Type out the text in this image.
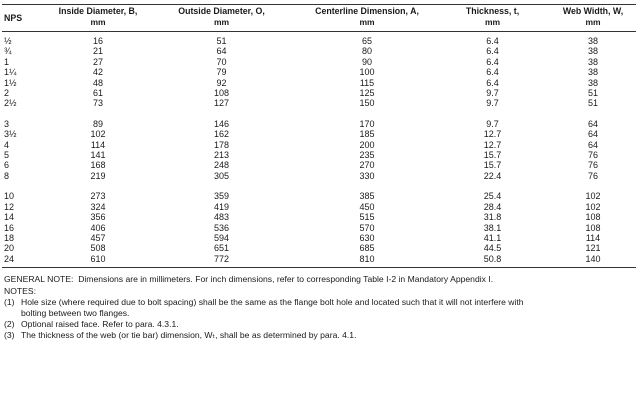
NPS	Inside Diameter, B,	Outside Diameter, O,	Centerline Dimension, A,	Thickness, t,	Web Width, W,
	mm	mm	mm	mm	mm

½	16	51	65	6.4	38
¾	21	64	80	6.4	38
1	27	70	90	6.4	38
1¼	42	79	100	6.4	38
1½	48	92	115	6.4	38
2	61	108	125	9.7	51
2½	73	127	150	9.7	51

3	89	146	170	9.7	64
3½	102	162	185	12.7	64
4	114	178	200	12.7	64
5	141	213	235	15.7	76
6	168	248	270	15.7	76
8	219	305	330	22.4	76

10	273	359	385	25.4	102
12	324	419	450	28.4	102
14	356	483	515	31.8	108
16	406	536	570	38.1	108
18	457	594	630	41.1	114
20	508	651	685	44.5	121
24	610	772	810	50.8	140
GENERAL NOTE: Dimensions are in millimeters. For inch dimensions, refer to corresponding Table I-2 in Mandatory Appendix I.
NOTES:
(1) Hole size (where required due to bolt spacing) shall be the same as the flange bolt hole and located such that it will not interfere with
bolting between two flanges.
(2) Optional raised face. Refer to para. 4.3.1.
(3) The thickness of the web (or tie bar) dimension, Wₜ, shall be as determined by para. 4.1.
